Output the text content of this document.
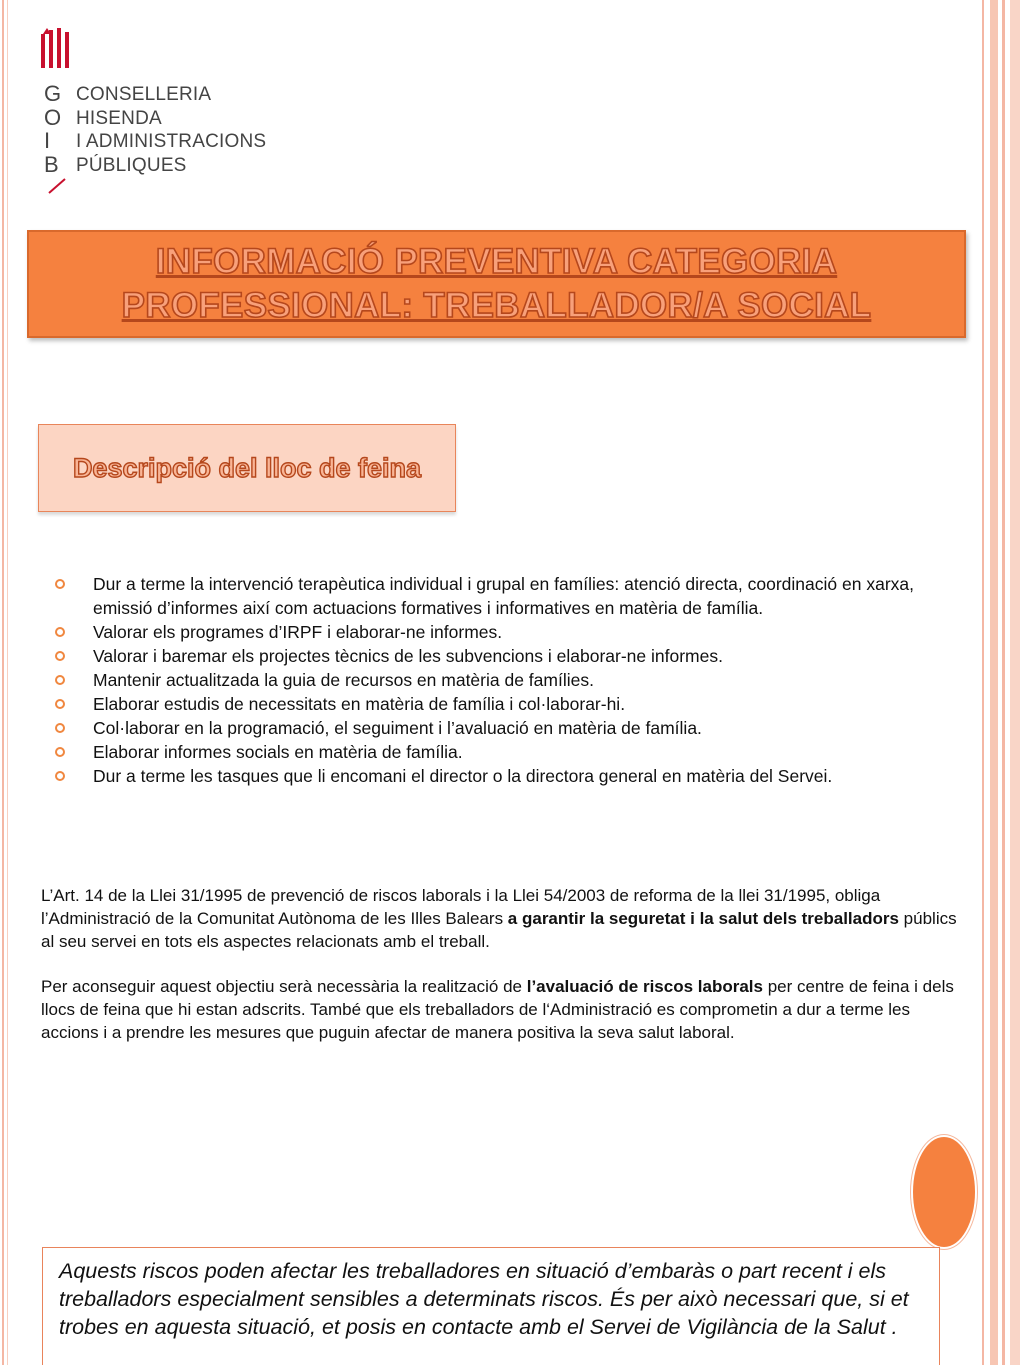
G
O
I
B
CONSELLERIA
HISENDA
I ADMINISTRACIONS
PÚBLIQUES
INFORMACIÓ PREVENTIVA CATEGORIA
PROFESSIONAL: TREBALLADOR/A SOCIAL
Descripció del lloc de feina
Dur a terme la intervenció terapèutica individual i grupal en famílies: atenció directa, coordinació en xarxa, emissió d’informes així com actuacions formatives i informatives en matèria de família.
Valorar els programes d’IRPF i elaborar-ne informes.
Valorar i baremar els projectes tècnics de les subvencions i elaborar-ne informes.
Mantenir actualitzada la guia de recursos en matèria de famílies.
Elaborar estudis de necessitats en matèria de família i col·laborar-hi.
Col·laborar en la programació, el seguiment i l’avaluació en matèria de família.
Elaborar informes socials en matèria de família.
Dur a terme les tasques que li encomani el director o la directora general en matèria del Servei.

L’Art. 14 de la Llei 31/1995 de prevenció de riscos laborals i la Llei 54/2003 de reforma de la llei 31/1995, obliga l’Administració de la Comunitat Autònoma de les Illes Balears a garantir la seguretat i la salut dels treballadors públics al seu servei en tots els aspectes relacionats amb el treball.

Per aconseguir aquest objectiu serà necessària la realització de l’avaluació de riscos laborals per centre de feina i dels llocs de feina que hi estan adscrits. També que els treballadors de l‘Administració es comprometin a dur a terme les accions i a prendre les mesures que puguin afectar de manera positiva la seva salut laboral.

Aquests riscos poden afectar les treballadores en situació d’embaràs o part recent i els treballadors especialment sensibles a determinats riscos. És per això necessari que, si et trobes en aquesta situació, et posis en contacte amb el Servei de Vigilància de la Salut .
